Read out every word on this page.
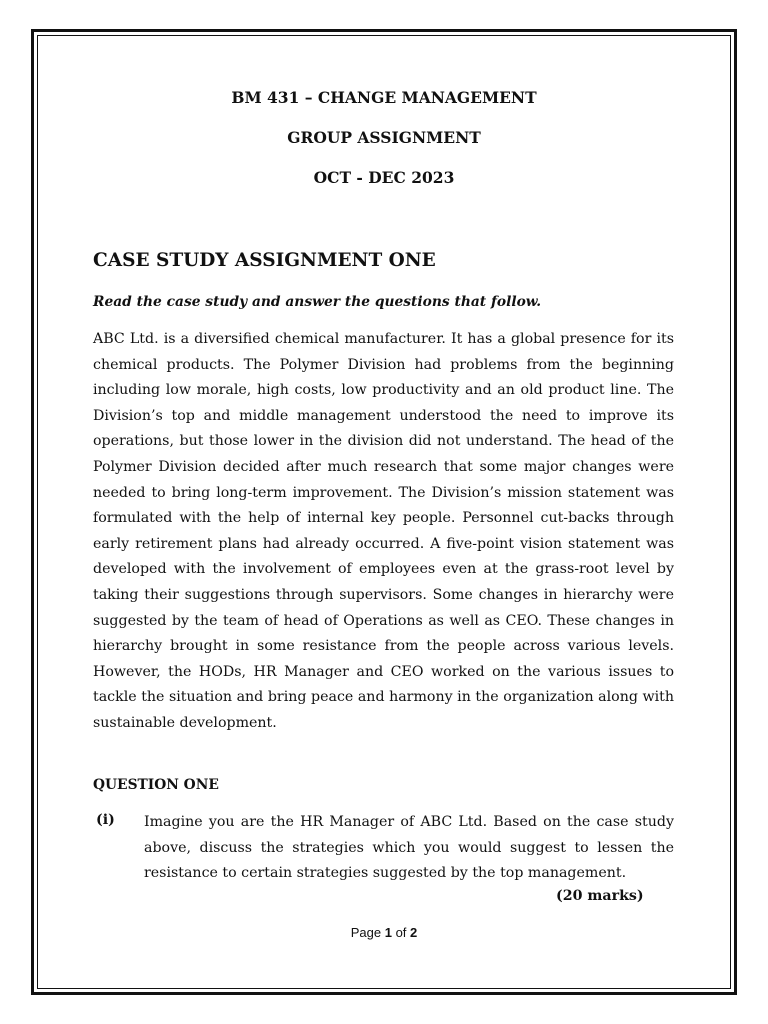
BM 431 – CHANGE MANAGEMENT
GROUP ASSIGNMENT
OCT - DEC 2023
CASE STUDY ASSIGNMENT ONE
Read the case study and answer the questions that follow.
ABC Ltd. is a diversified chemical manufacturer. It has a global presence for its chemical products. The Polymer Division had problems from the beginning including low morale, high costs, low productivity and an old product line. The Division’s top and middle management understood the need to improve its operations, but those lower in the division did not understand. The head of the Polymer Division decided after much research that some major changes were needed to bring long-term improvement. The Division’s mission statement was formulated with the help of internal key people. Personnel cut-backs through early retirement plans had already occurred. A five-point vision statement was developed with the involvement of employees even at the grass-root level by taking their suggestions through supervisors. Some changes in hierarchy were suggested by the team of head of Operations as well as CEO. These changes in hierarchy brought in some resistance from the people across various levels. However, the HODs, HR Manager and CEO worked on the various issues to tackle the situation and bring peace and harmony in the organization along with sustainable development.
QUESTION ONE
(i) Imagine you are the HR Manager of ABC Ltd. Based on the case study above, discuss the strategies which you would suggest to lessen the resistance to certain strategies suggested by the top management.
(20 marks)
Page 1 of 2
